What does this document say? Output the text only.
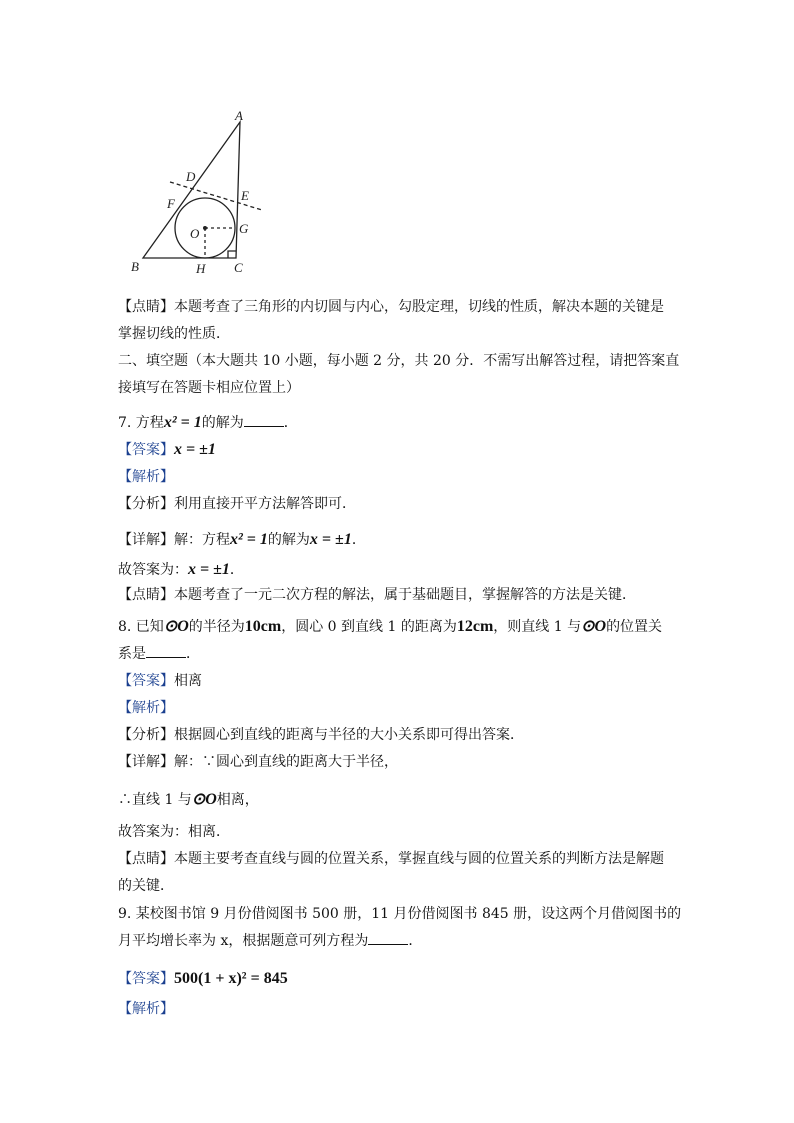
A
B	C
D
E
F
G
H
O
【点睛】本题考查了三角形的内切圆与内心，勾股定理，切线的性质，解决本题的关键是
掌握切线的性质．
二、填空题（本大题共 10 小题，每小题 2 分，共 20 分．不需写出解答过程，请把答案直
接填写在答题卡相应位置上）
7. 方程x² = 1的解为	．
【答案】x = ±1
【解析】
【分析】利用直接开平方法解答即可．
【详解】解：方程x² = 1的解为x = ±1．
故答案为：x = ±1．
【点睛】本题考查了一元二次方程的解法，属于基础题目，掌握解答的方法是关键．
8. 已知⊙O的半径为10cm，圆心 0 到直线 1 的距离为12cm，则直线 1 与⊙O的位置关
系是	．
【答案】相离
【解析】
【分析】根据圆心到直线的距离与半径的大小关系即可得出答案．
【详解】解：∵圆心到直线的距离大于半径，
∴直线 1 与⊙O相离，
故答案为：相离．
【点睛】本题主要考查直线与圆的位置关系，掌握直线与圆的位置关系的判断方法是解题
的关键．
9. 某校图书馆 9 月份借阅图书 500 册，11 月份借阅图书 845 册，设这两个月借阅图书的
月平均增长率为 x，根据题意可列方程为	．
【答案】500(1 + x)² = 845
【解析】
